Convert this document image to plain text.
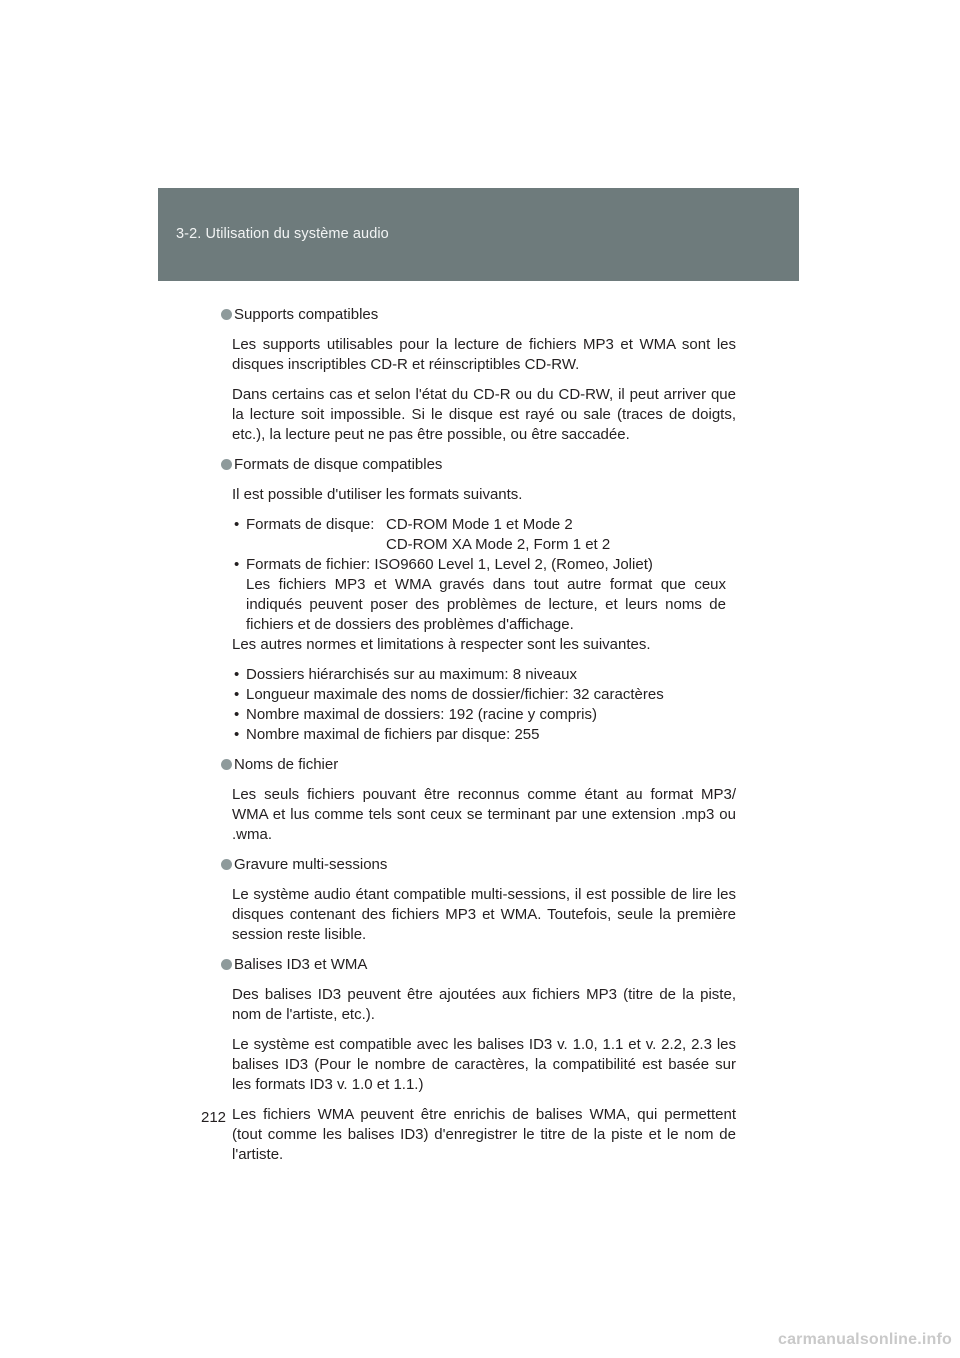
3-2. Utilisation du système audio
Supports compatibles

Les supports utilisables pour la lecture de fichiers MP3 et WMA sont les disques inscriptibles CD-R et réinscriptibles CD-RW.

Dans certains cas et selon l'état du CD-R ou du CD-RW, il peut arriver que la lecture soit impossible. Si le disque est rayé ou sale (traces de doigts, etc.), la lecture peut ne pas être possible, ou être saccadée.

Formats de disque compatibles

Il est possible d'utiliser les formats suivants.

• Formats de disque: CD-ROM Mode 1 et Mode 2
CD-ROM XA Mode 2, Form 1 et 2
• Formats de fichier: ISO9660 Level 1, Level 2, (Romeo, Joliet)

Les fichiers MP3 et WMA gravés dans tout autre format que ceux indiqués peuvent poser des problèmes de lecture, et leurs noms de fichiers et de dossiers des problèmes d'affichage.

Les autres normes et limitations à respecter sont les suivantes.

• Dossiers hiérarchisés sur au maximum: 8 niveaux
• Longueur maximale des noms de dossier/fichier: 32 caractères
• Nombre maximal de dossiers: 192 (racine y compris)
• Nombre maximal de fichiers par disque: 255
Noms de fichier

Les seuls fichiers pouvant être reconnus comme étant au format MP3/ WMA et lus comme tels sont ceux se terminant par une extension .mp3 ou .wma.

Gravure multi-sessions

Le système audio étant compatible multi-sessions, il est possible de lire les disques contenant des fichiers MP3 et WMA. Toutefois, seule la première session reste lisible.

Balises ID3 et WMA

Des balises ID3 peuvent être ajoutées aux fichiers MP3 (titre de la piste, nom de l'artiste, etc.).

Le système est compatible avec les balises ID3 v. 1.0, 1.1 et v. 2.2, 2.3 les balises ID3 (Pour le nombre de caractères, la compatibilité est basée sur les formats ID3 v. 1.0 et 1.1.)

Les fichiers WMA peuvent être enrichis de balises WMA, qui permettent (tout comme les balises ID3) d'enregistrer le titre de la piste et le nom de l'artiste.

212
carmanualsonline.info
